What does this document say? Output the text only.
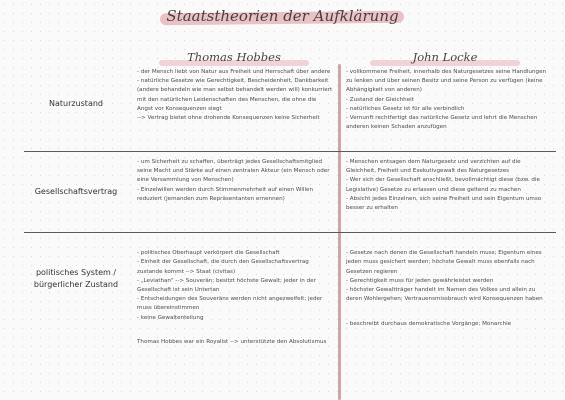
Staatstheorien der Aufklärung
Thomas Hobbes	John Locke
Naturzustand
- der Mensch liebt von Natur aus Freiheit und Herrschaft über andere
- natürliche Gesetze wie Gerechtigkeit, Bescheidenheit, Dankbarkeit (andere behandeln wie man selbst behandelt werden will) konkurriert mit den natürlichen Leidenschaften des Menschen, die ohne die Angst vor Konsequenzen siegt
--> Vertrag bietet ohne drohende Konsequenzen keine Sicherheit
- vollkommene Freiheit, innerhalb des Naturgesetzes seine Handlungen zu lenken und über seinen Besitz und seine Person zu verfügen (keine Abhängigkeit von anderen)
- Zustand der Gleichheit
- natürliches Gesetz ist für alle verbindlich
- Vernunft rechtfertigt das natürliche Gesetz und lehrt die Menschen anderen keinen Schaden anzufügen
Gesellschaftsvertrag
- um Sicherheit zu schaffen, überträgt jedes Gesellschaftsmitglied seine Macht und Stärke auf einen zentralen Akteur (ein Mensch oder eine Versammlung von Menschen)
- Einzelwillen werden durch Stimmenmehrheit auf einen Willen reduziert (jemanden zum Repräsentanten ernennen)
- Menschen entsagen dem Naturgesetz und verzichten auf die Gleichheit, Freiheit und Exekutivgewalt des Naturgesetzes
- Wer sich der Gesellschaft anschließt, bevollmächtigt diese (bzw. die Legislative) Gesetze zu erlassen und diese geltend zu machen
- Absicht jedes Einzelnen, sich seine Freiheit und sein Eigentum umso besser zu erhalten
politisches System / bürgerlicher Zustand

- politisches Oberhaupt verkörpert die Gesellschaft
- Einheit der Gesellschaft, die durch den Gesellschaftsvertrag zustande kommt --> Staat (civitas)
- „Leviathan" --> Souverän; besitzt höchste Gewalt; jeder in der Gesellschaft ist sein Untertan
- Entscheidungen des Souveräns werden nicht angezweifelt; jeder muss übereinstimmen
- keine Gewaltenteilung

Thomas Hobbes war ein Royalist --> unterstützte den Absolutismus

- Gesetze nach denen die Gesellschaft handeln muss; Eigentum eines jeden muss gesichert werden; höchste Gewalt muss ebenfalls nach Gesetzen regieren
- Gerechtigkeit muss für jeden gewährleistet werden
- höchster Gewaltträger handelt im Namen des Volkes und allein zu deren Wohlergehen; Vertrauensmissbrauch wird Konsequenzen haben

- beschreibt durchaus demokratische Vorgänge; Monarchie
